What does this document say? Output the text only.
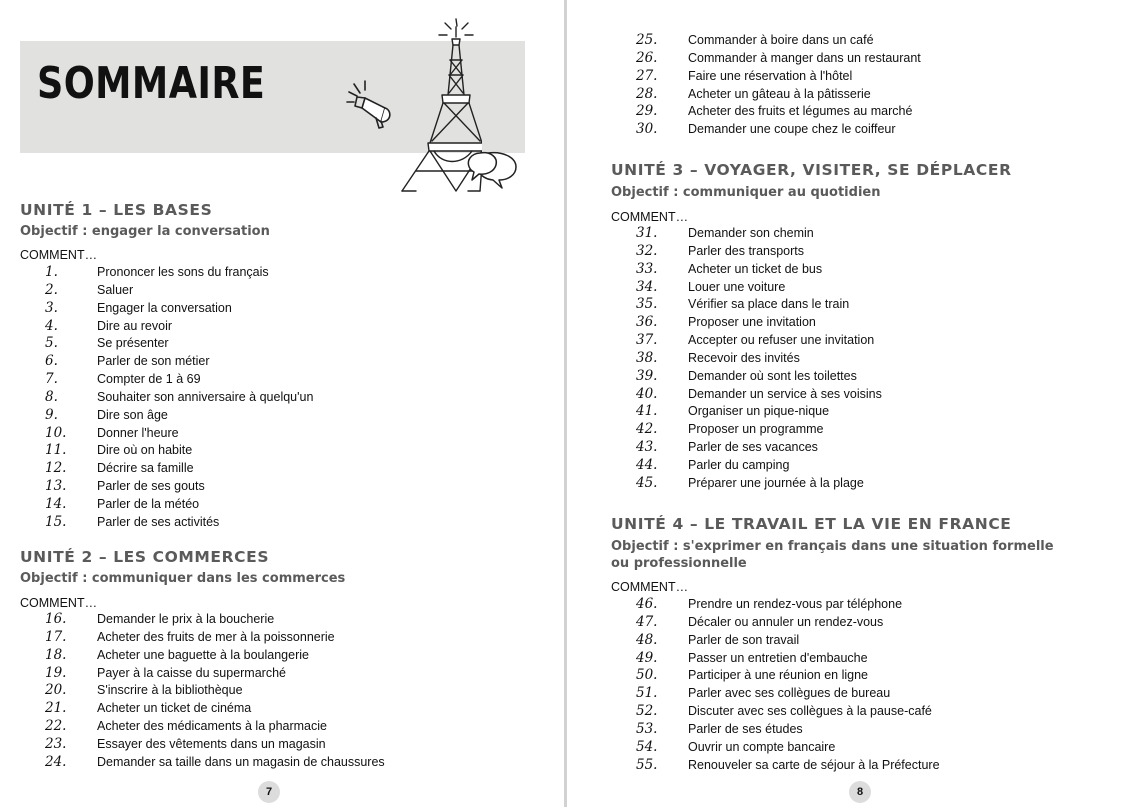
SOMMAIRE
UNITÉ 1 – LES BASES
Objectif : engager la conversation
COMMENT…
1.	Prononcer les sons du français
2.	Saluer
3.	Engager la conversation
4.	Dire au revoir
5.	Se présenter
6.	Parler de son métier
7.	Compter de 1 à 69
8.	Souhaiter son anniversaire à quelqu'un
9.	Dire son âge
10.	Donner l'heure
11.	Dire où on habite
12.	Décrire sa famille
13.	Parler de ses gouts
14.	Parler de la météo
15.	Parler de ses activités
UNITÉ 2 – LES COMMERCES
Objectif : communiquer dans les commerces
COMMENT…
16.	Demander le prix à la boucherie
17.	Acheter des fruits de mer à la poissonnerie
18.	Acheter une baguette à la boulangerie
19.	Payer à la caisse du supermarché
20.	S'inscrire à la bibliothèque
21.	Acheter un ticket de cinéma
22.	Acheter des médicaments à la pharmacie
23.	Essayer des vêtements dans un magasin
24.	Demander sa taille dans un magasin de chaussures
7
25.	Commander à boire dans un café
26.	Commander à manger dans un restaurant
27.	Faire une réservation à l'hôtel
28.	Acheter un gâteau à la pâtisserie
29.	Acheter des fruits et légumes au marché
30.	Demander une coupe chez le coiffeur
UNITÉ 3 – VOYAGER, VISITER, SE DÉPLACER
Objectif : communiquer au quotidien
COMMENT…
31.	Demander son chemin
32.	Parler des transports
33.	Acheter un ticket de bus
34.	Louer une voiture
35.	Vérifier sa place dans le train
36.	Proposer une invitation
37.	Accepter ou refuser une invitation
38.	Recevoir des invités
39.	Demander où sont les toilettes
40.	Demander un service à ses voisins
41.	Organiser un pique-nique
42.	Proposer un programme
43.	Parler de ses vacances
44.	Parler du camping
45.	Préparer une journée à la plage
UNITÉ 4 – LE TRAVAIL ET LA VIE EN FRANCE
Objectif : s'exprimer en français dans une situation formelle
ou professionnelle
COMMENT…
46.	Prendre un rendez-vous par téléphone
47.	Décaler ou annuler un rendez-vous
48.	Parler de son travail
49.	Passer un entretien d'embauche
50.	Participer à une réunion en ligne
51.	Parler avec ses collègues de bureau
52.	Discuter avec ses collègues à la pause-café
53.	Parler de ses études
54.	Ouvrir un compte bancaire
55.	Renouveler sa carte de séjour à la Préfecture
8
